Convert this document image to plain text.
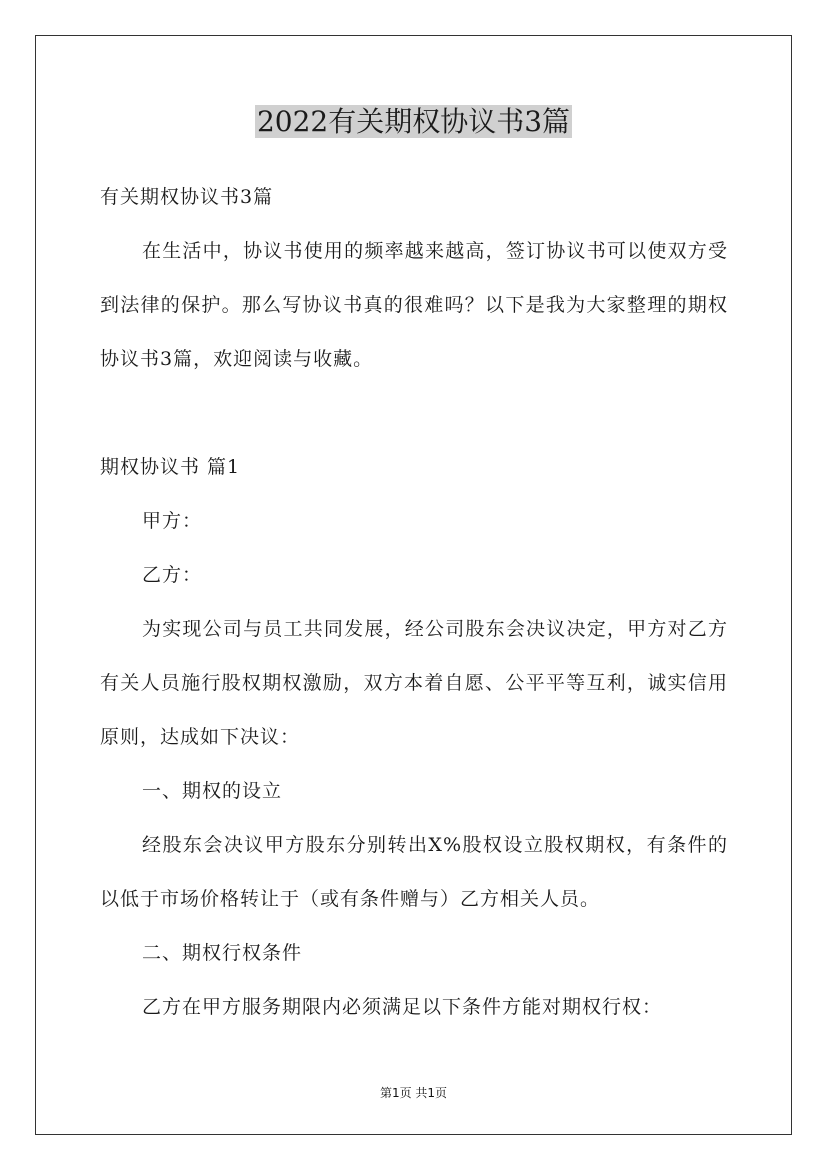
2022有关期权协议书3篇

有关期权协议书3篇

在生活中，协议书使用的频率越来越高，签订协议书可以使双方受到法律的保护。那么写协议书真的很难吗？以下是我为大家整理的期权协议书3篇，欢迎阅读与收藏。

期权协议书 篇1

甲方：

乙方：

为实现公司与员工共同发展，经公司股东会决议决定，甲方对乙方有关人员施行股权期权激励，双方本着自愿、公平平等互利，诚实信用原则，达成如下决议：

一、期权的设立

经股东会决议甲方股东分别转出X%股权设立股权期权，有条件的以低于市场价格转让于（或有条件赠与）乙方相关人员。

二、期权行权条件

乙方在甲方服务期限内必须满足以下条件方能对期权行权：

第1页 共1页
